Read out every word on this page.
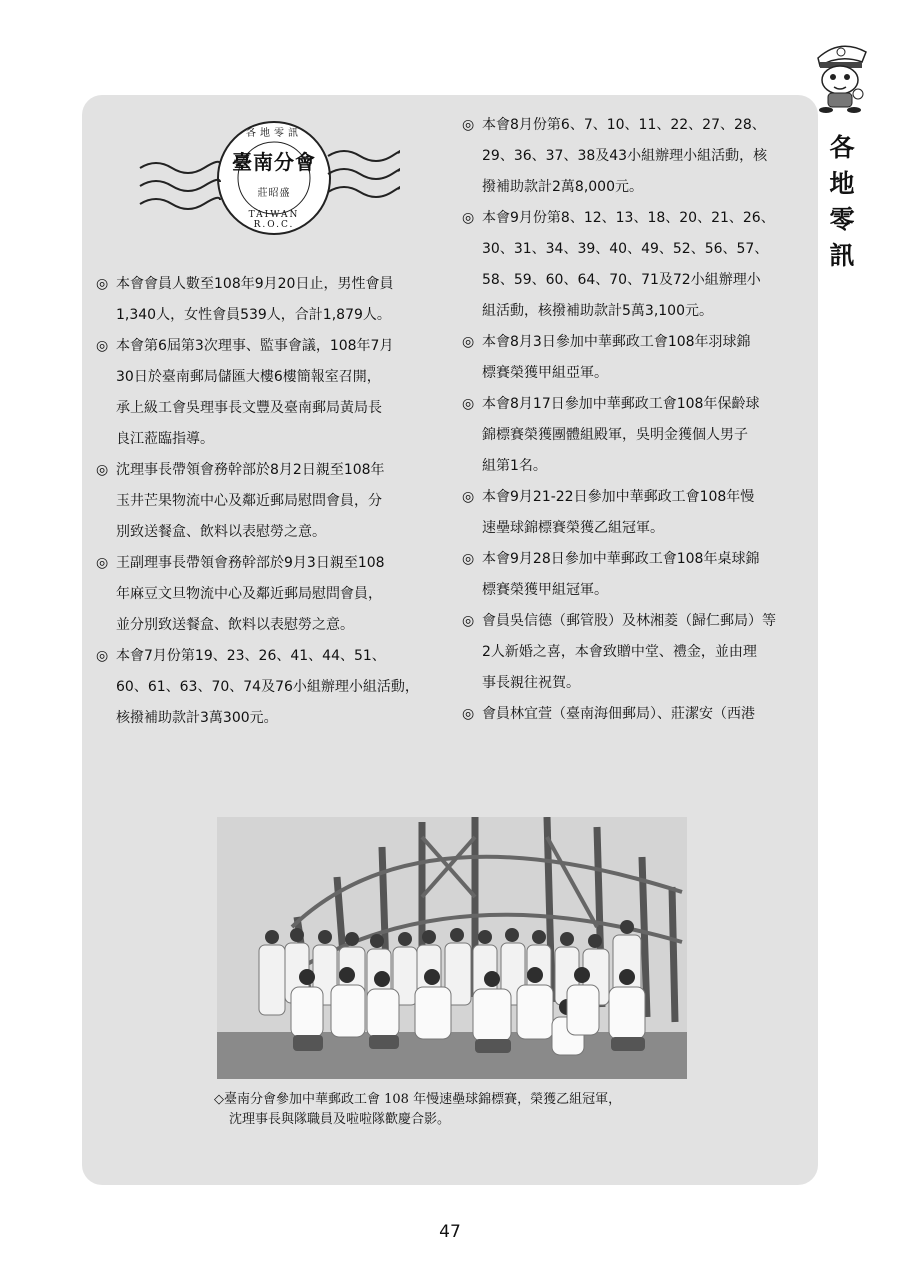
各地零訊
臺南分會
莊昭盛
TAIWAN R.O.C.

◎ 本會會員人數至108年9月20日止，男性會員
1,340人，女性會員539人，合計1,879人。

◎ 本會第6屆第3次理事、監事會議，108年7月
30日於臺南郵局儲匯大樓6樓簡報室召開，
承上級工會吳理事長文豐及臺南郵局黃局長
良江蒞臨指導。

◎ 沈理事長帶領會務幹部於8月2日親至108年
玉井芒果物流中心及鄰近郵局慰問會員，分
別致送餐盒、飲料以表慰勞之意。

◎ 王副理事長帶領會務幹部於9月3日親至108
年麻豆文旦物流中心及鄰近郵局慰問會員，
並分別致送餐盒、飲料以表慰勞之意。

◎ 本會7月份第19、23、26、41、44、51、
60、61、63、70、74及76小組辦理小組活動，
核撥補助款計3萬300元。

◎ 本會8月份第6、7、10、11、22、27、28、
29、36、37、38及43小組辦理小組活動，核
撥補助款計2萬8,000元。

◎ 本會9月份第8、12、13、18、20、21、26、
30、31、34、39、40、49、52、56、57、
58、59、60、64、70、71及72小組辦理小
組活動，核撥補助款計5萬3,100元。

◎ 本會8月3日參加中華郵政工會108年羽球錦
標賽榮獲甲組亞軍。

◎ 本會8月17日參加中華郵政工會108年保齡球
錦標賽榮獲團體組殿軍，吳明金獲個人男子
組第1名。

◎ 本會9月21-22日參加中華郵政工會108年慢
速壘球錦標賽榮獲乙組冠軍。

◎ 本會9月28日參加中華郵政工會108年桌球錦
標賽榮獲甲組冠軍。

◎ 會員吳信德（郵管股）及林湘菱（歸仁郵局）等
2人新婚之喜，本會致贈中堂、禮金，並由理
事長親往祝賀。

◎ 會員林宜萱（臺南海佃郵局）、莊潔安（西港

◇臺南分會參加中華郵政工會 108 年慢速壘球錦標賽，榮獲乙組冠軍，
沈理事長與隊職員及啦啦隊歡慶合影。
各
地
零
訊
47
